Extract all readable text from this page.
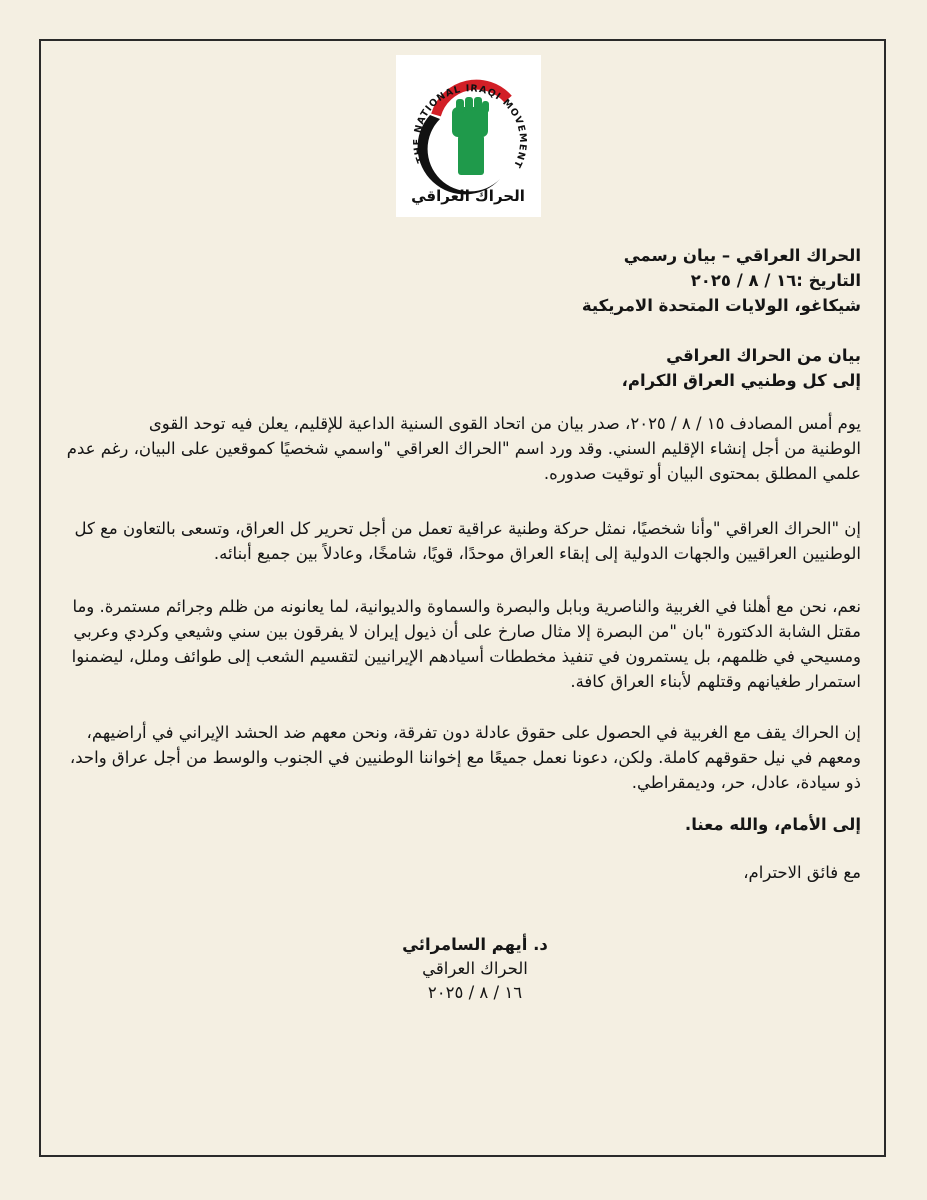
THE NATIONAL IRAQI MOVEMENT
الحراك العراقي
الحراك العراقي – بيان رسمي
التاريخ :١٦ / ٨ / ٢٠٢٥
شيكاغو، الولايات المتحدة الامريكية
بيان من الحراك العراقي
إلى كل وطنيي العراق الكرام،
يوم أمس المصادف ١٥ / ٨ / ٢٠٢٥، صدر بيان من اتحاد القوى السنية الداعية للإقليم، يعلن فيه توحد القوى
الوطنية من أجل إنشاء الإقليم السني. وقد ورد اسم "الحراك العراقي "واسمي شخصيًا كموقعين على البيان، رغم عدم
علمي المطلق بمحتوى البيان أو توقيت صدوره.
إن "الحراك العراقي "وأنا شخصيًا، نمثل حركة وطنية عراقية تعمل من أجل تحرير كل العراق، وتسعى بالتعاون مع كل
الوطنيين العراقيين والجهات الدولية إلى إبقاء العراق موحدًا، قويًا، شامخًا، وعادلاً بين جميع أبنائه.
نعم، نحن مع أهلنا في الغربية والناصرية وبابل والبصرة والسماوة والديوانية، لما يعانونه من ظلم وجرائم مستمرة. وما
مقتل الشابة الدكتورة "بان "من البصرة إلا مثال صارخ على أن ذيول إيران لا يفرقون بين سني وشيعي وكردي وعربي
ومسيحي في ظلمهم، بل يستمرون في تنفيذ مخططات أسيادهم الإيرانيين لتقسيم الشعب إلى طوائف وملل، ليضمنوا
استمرار طغيانهم وقتلهم لأبناء العراق كافة.
إن الحراك يقف مع الغربية في الحصول على حقوق عادلة دون تفرقة، ونحن معهم ضد الحشد الإيراني في أراضيهم،
ومعهم في نيل حقوقهم كاملة. ولكن، دعونا نعمل جميعًا مع إخواننا الوطنيين في الجنوب والوسط من أجل عراق واحد،
ذو سيادة، عادل، حر، وديمقراطي.
إلى الأمام، والله معنا.
مع فائق الاحترام،
د. أيهم السامرائي
الحراك العراقي
١٦ / ٨ / ٢٠٢٥
